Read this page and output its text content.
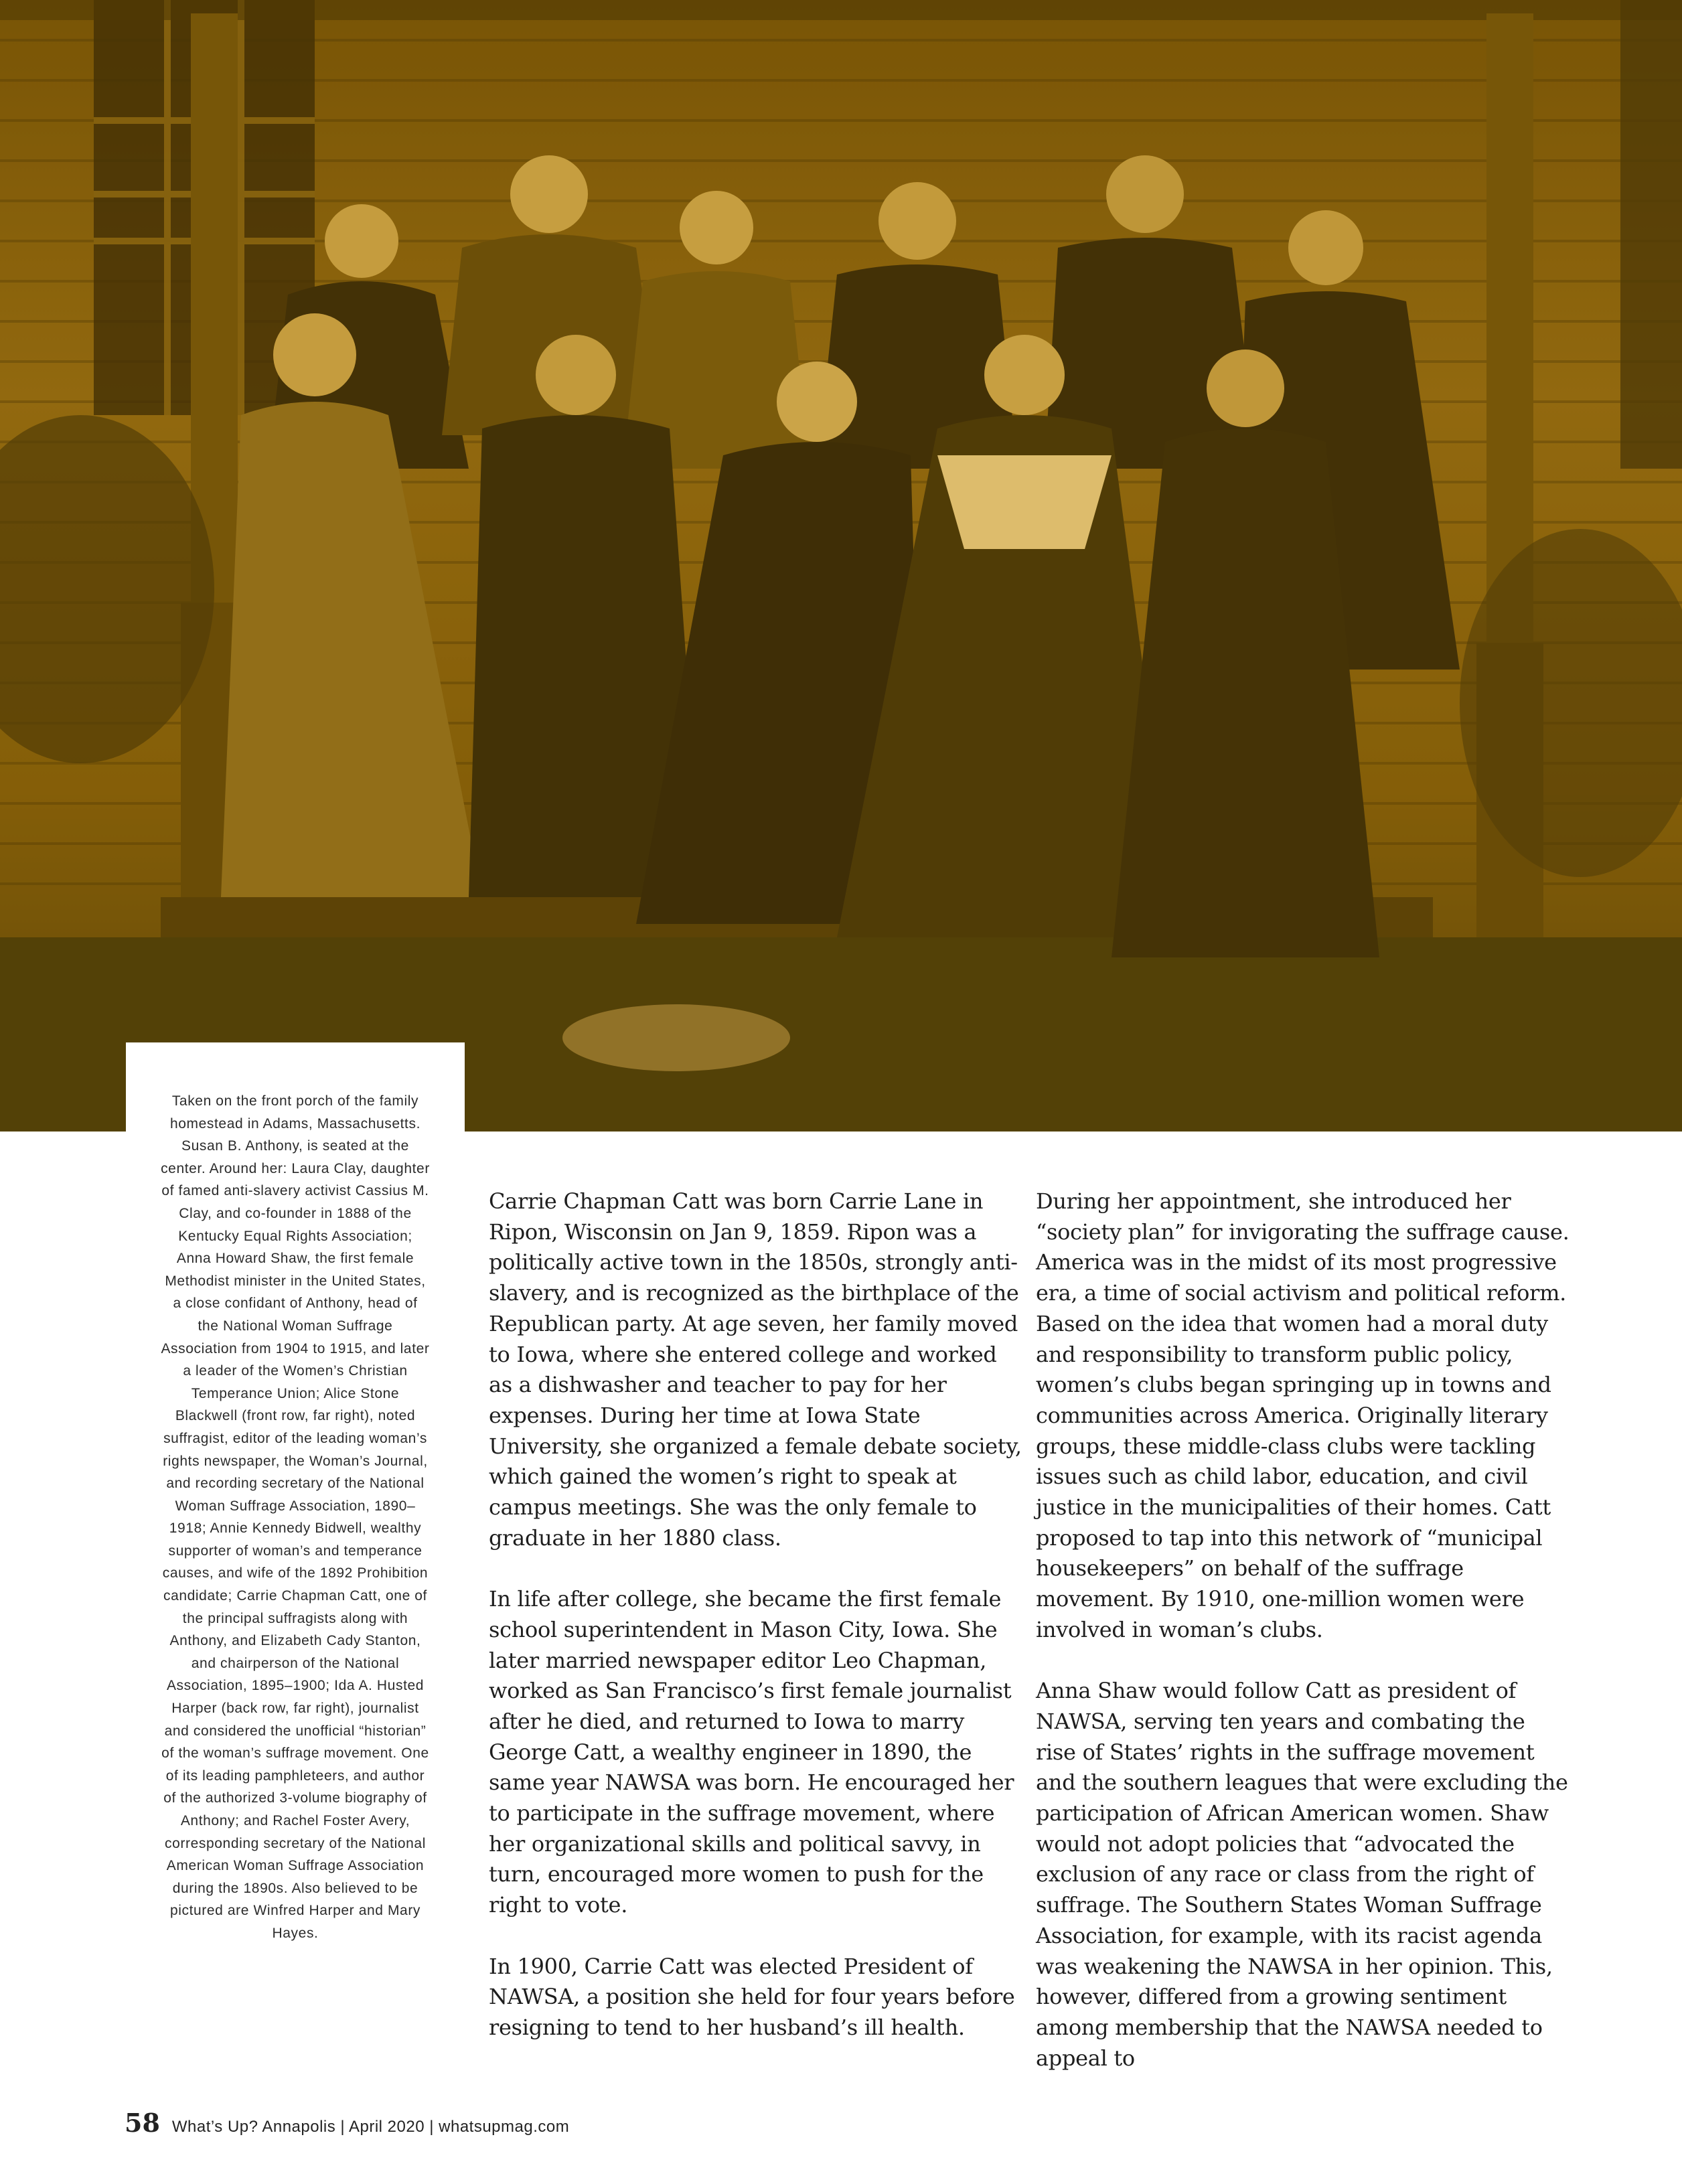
Taken on the front porch of the family homestead in Adams, Massachusetts. Susan B. Anthony, is seated at the center. Around her: Laura Clay, daughter of famed anti-slavery activist Cassius M. Clay, and co-founder in 1888 of the Kentucky Equal Rights Association; Anna Howard Shaw, the first female Methodist minister in the United States, a close confidant of Anthony, head of the National Woman Suffrage Association from 1904 to 1915, and later a leader of the Women’s Christian Temperance Union; Alice Stone Blackwell (front row, far right), noted suffragist, editor of the leading woman’s rights newspaper, the Woman’s Journal, and recording secretary of the National Woman Suffrage Association, 1890–1918; Annie Kennedy Bidwell, wealthy supporter of woman’s and temperance causes, and wife of the 1892 Prohibition candidate; Carrie Chapman Catt, one of the principal suffragists along with Anthony, and Elizabeth Cady Stanton, and chairperson of the National Association, 1895–1900; Ida A. Husted Harper (back row, far right), journalist and considered the unofficial “historian” of the woman’s suffrage movement. One of its leading pamphleteers, and author of the authorized 3-volume biography of Anthony; and Rachel Foster Avery, corresponding secretary of the National American Woman Suffrage Association during the 1890s. Also believed to be pictured are Winfred Harper and Mary Hayes.

Carrie Chapman Catt was born Carrie Lane in Ripon, Wisconsin on Jan 9, 1859. Ripon was a politically active town in the 1850s, strongly anti-slavery, and is recognized as the birthplace of the Republican party. At age seven, her family moved to Iowa, where she entered college and worked as a dishwasher and teacher to pay for her expenses. During her time at Iowa State University, she organized a female debate society, which gained the women’s right to speak at campus meetings. She was the only female to graduate in her 1880 class.

In life after college, she became the first female school superintendent in Mason City, Iowa. She later married newspaper editor Leo Chapman, worked as San Francisco’s first female journalist after he died, and returned to Iowa to marry George Catt, a wealthy engineer in 1890, the same year NAWSA was born. He encouraged her to participate in the suffrage movement, where her organizational skills and political savvy, in turn, encouraged more women to push for the right to vote.

In 1900, Carrie Catt was elected President of NAWSA, a position she held for four years before resigning to tend to her husband’s ill health.

During her appointment, she introduced her “society plan” for invigorating the suffrage cause. America was in the midst of its most progressive era, a time of social activism and political reform. Based on the idea that women had a moral duty and responsibility to transform public policy, women’s clubs began springing up in towns and communities across America. Originally literary groups, these middle-class clubs were tackling issues such as child labor, education, and civil justice in the municipalities of their homes. Catt proposed to tap into this network of “municipal housekeepers” on behalf of the suffrage movement. By 1910, one-million women were involved in woman’s clubs.

Anna Shaw would follow Catt as president of NAWSA, serving ten years and combating the rise of States’ rights in the suffrage movement and the southern leagues that were excluding the participation of African American women. Shaw would not adopt policies that “advocated the exclusion of any race or class from the right of suffrage. The Southern States Woman Suffrage Association, for example, with its racist agenda was weakening the NAWSA in her opinion. This, however, differed from a growing sentiment among membership that the NAWSA needed to appeal to

58 What’s Up? Annapolis | April 2020 | whatsupmag.com
